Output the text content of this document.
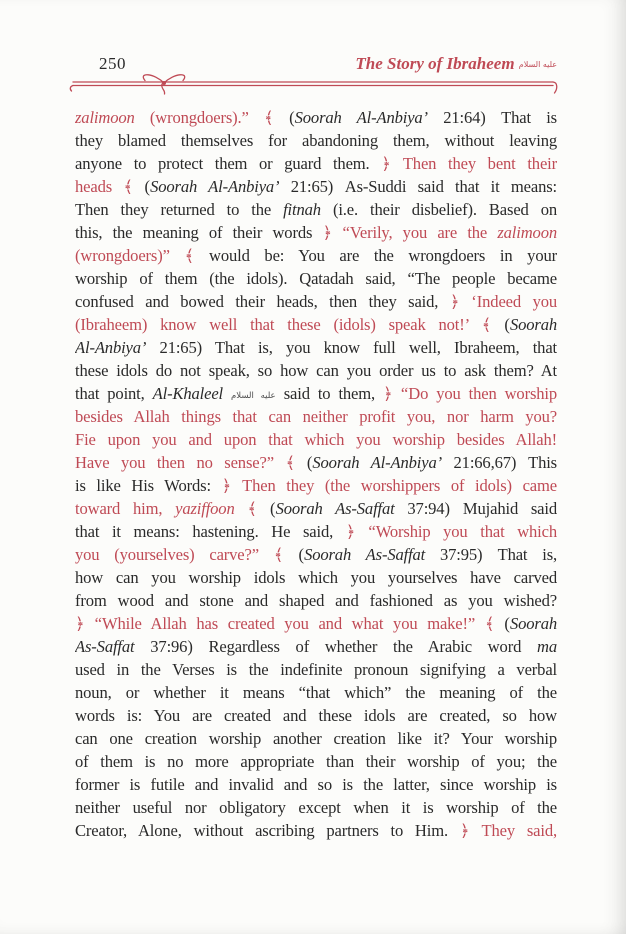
250	The Story of Ibraheem عليه السلام
zalimoon (wrongdoers).” ﴾ (Soorah Al-Anbiya’ 21:64) That is
they blamed themselves for abandoning them, without leaving
anyone to protect them or guard them. ﴿ Then they bent their
heads ﴾ (Soorah Al-Anbiya’ 21:65) As-Suddi said that it means:
Then they returned to the fitnah (i.e. their disbelief). Based on
this, the meaning of their words ﴿ “Verily, you are the zalimoon
(wrongdoers)” ﴾ would be: You are the wrongdoers in your
worship of them (the idols). Qatadah said, “The people became
confused and bowed their heads, then they said, ﴿ ‘Indeed you
(Ibraheem) know well that these (idols) speak not!’ ﴾ (Soorah
Al-Anbiya’ 21:65) That is, you know full well, Ibraheem, that
these idols do not speak, so how can you order us to ask them? At
that point, Al-Khaleel عليه السلام said to them, ﴿ “Do you then worship
besides Allah things that can neither profit you, nor harm you?
Fie upon you and upon that which you worship besides Allah!
Have you then no sense?” ﴾ (Soorah Al-Anbiya’ 21:66,67) This
is like His Words: ﴿ Then they (the worshippers of idols) came
toward him, yaziffoon ﴾ (Soorah As-Saffat 37:94) Mujahid said
that it means: hastening. He said, ﴿ “Worship you that which
you (yourselves) carve?” ﴾ (Soorah As-Saffat 37:95) That is,
how can you worship idols which you yourselves have carved
from wood and stone and shaped and fashioned as you wished?
﴿ “While Allah has created you and what you make!” ﴾ (Soorah
As-Saffat 37:96) Regardless of whether the Arabic word ma
used in the Verses is the indefinite pronoun signifying a verbal
noun, or whether it means “that which” the meaning of the
words is: You are created and these idols are created, so how
can one creation worship another creation like it? Your worship
of them is no more appropriate than their worship of you; the
former is futile and invalid and so is the latter, since worship is
neither useful nor obligatory except when it is worship of the
Creator, Alone, without ascribing partners to Him. ﴿ They said,
